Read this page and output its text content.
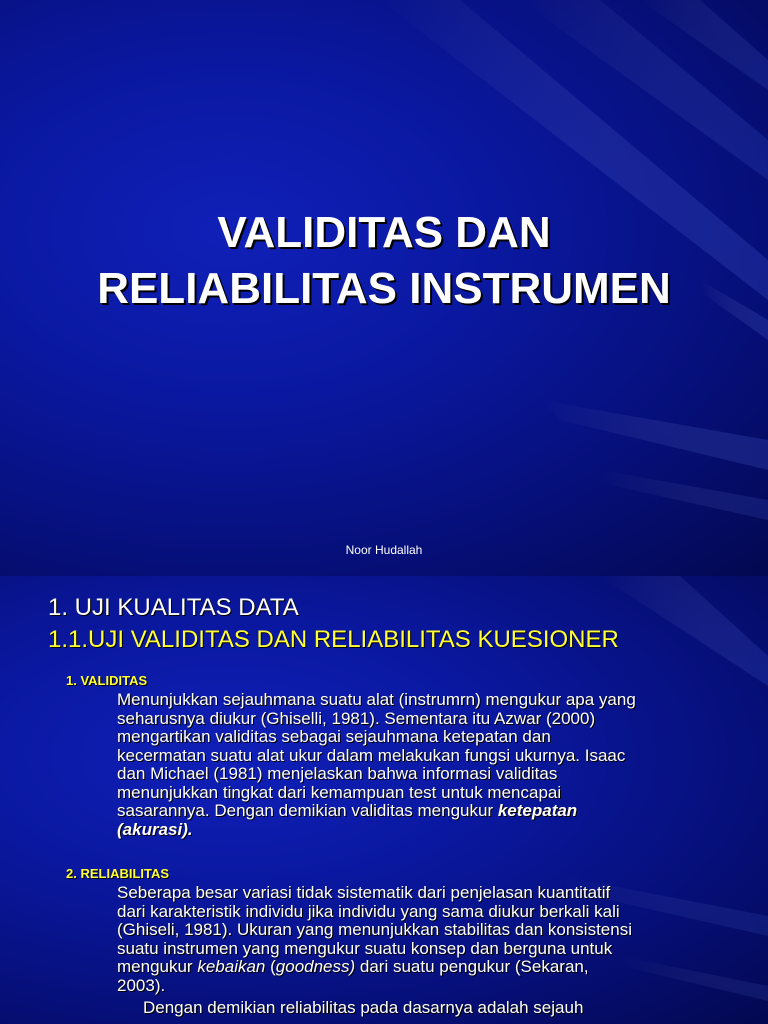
VALIDITAS DAN
RELIABILITAS INSTRUMEN
Noor Hudallah
1. UJI KUALITAS DATA
1.1.UJI VALIDITAS DAN RELIABILITAS KUESIONER
1. VALIDITAS
Menunjukkan sejauhmana suatu alat (instrumrn) mengukur apa yang
seharusnya diukur (Ghiselli, 1981). Sementara itu Azwar (2000)
mengartikan validitas sebagai sejauhmana ketepatan dan
kecermatan suatu alat ukur dalam melakukan fungsi ukurnya. Isaac
dan Michael (1981) menjelaskan bahwa informasi validitas
menunjukkan tingkat dari kemampuan test untuk mencapai
sasarannya. Dengan demikian validitas mengukur ketepatan
(akurasi).
2. RELIABILITAS
Seberapa besar variasi tidak sistematik dari penjelasan kuantitatif
dari karakteristik individu jika individu yang sama diukur berkali kali
(Ghiseli, 1981). Ukuran yang menunjukkan stabilitas dan konsistensi
suatu instrumen yang mengukur suatu konsep dan berguna untuk
mengukur kebaikan (goodness) dari suatu pengukur (Sekaran,
2003).
Dengan demikian reliabilitas pada dasarnya adalah sejauh
